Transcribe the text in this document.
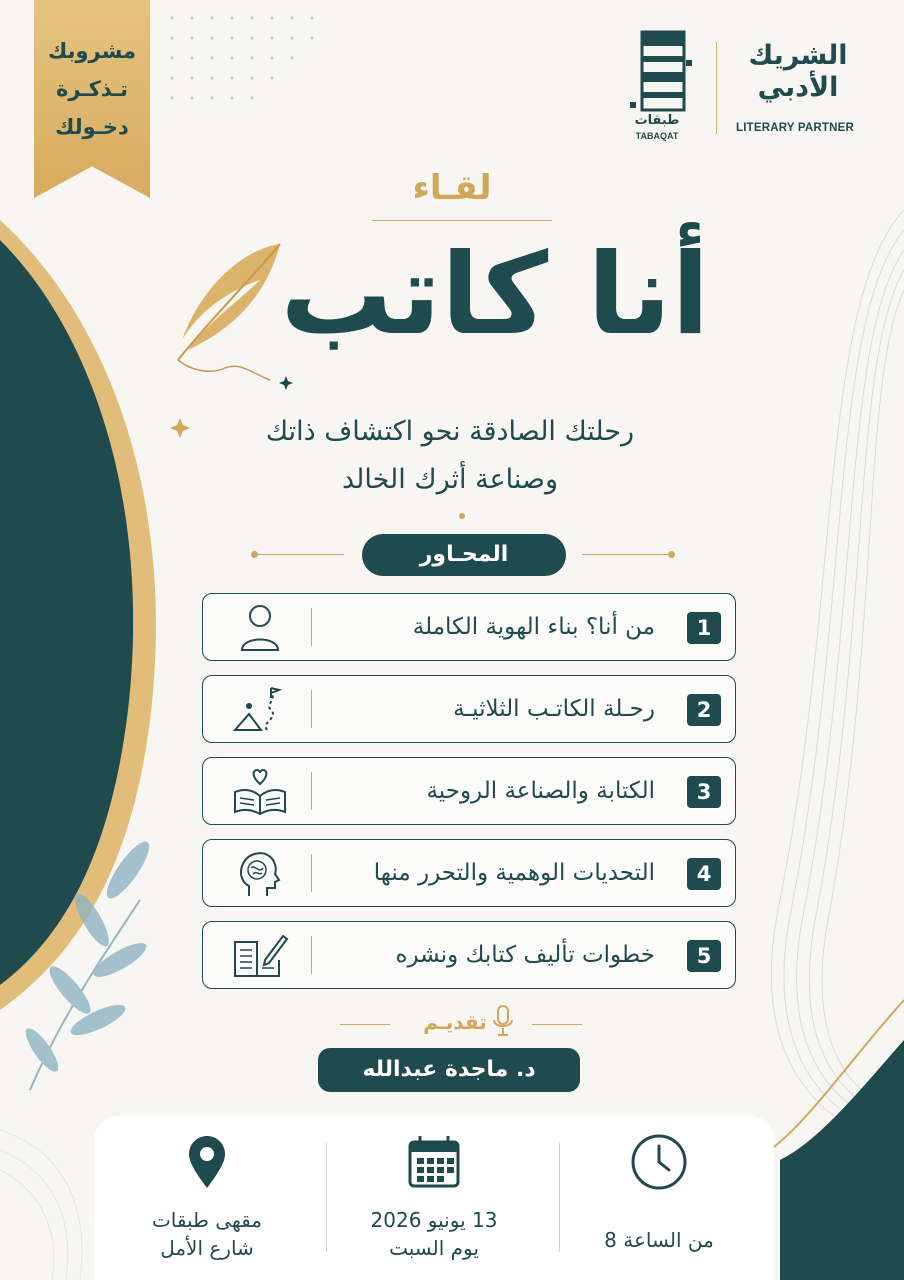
مشروبك
تـذكـرة
دخـولك
الشريك
الأدبي
LITERARY PARTNER
طبقات
TABAQAT
لقـاء
أنا كاتب
رحلتك الصادقة نحو اكتشاف ذاتك
وصناعة أثرك الخالد
المحـاور
1
من أنا؟ بناء الهوية الكاملة
2
رحـلة الكاتـب الثلاثيـة
3
الكتابة والصناعة الروحية
4
التحديات الوهمية والتحرر منها
5
خطوات تأليف كتابك ونشره
تقديـم
د. ماجدة عبدالله
من الساعة 8
13 يونيو 2026
يوم السبت
مقهى طبقات
شارع الأمل
